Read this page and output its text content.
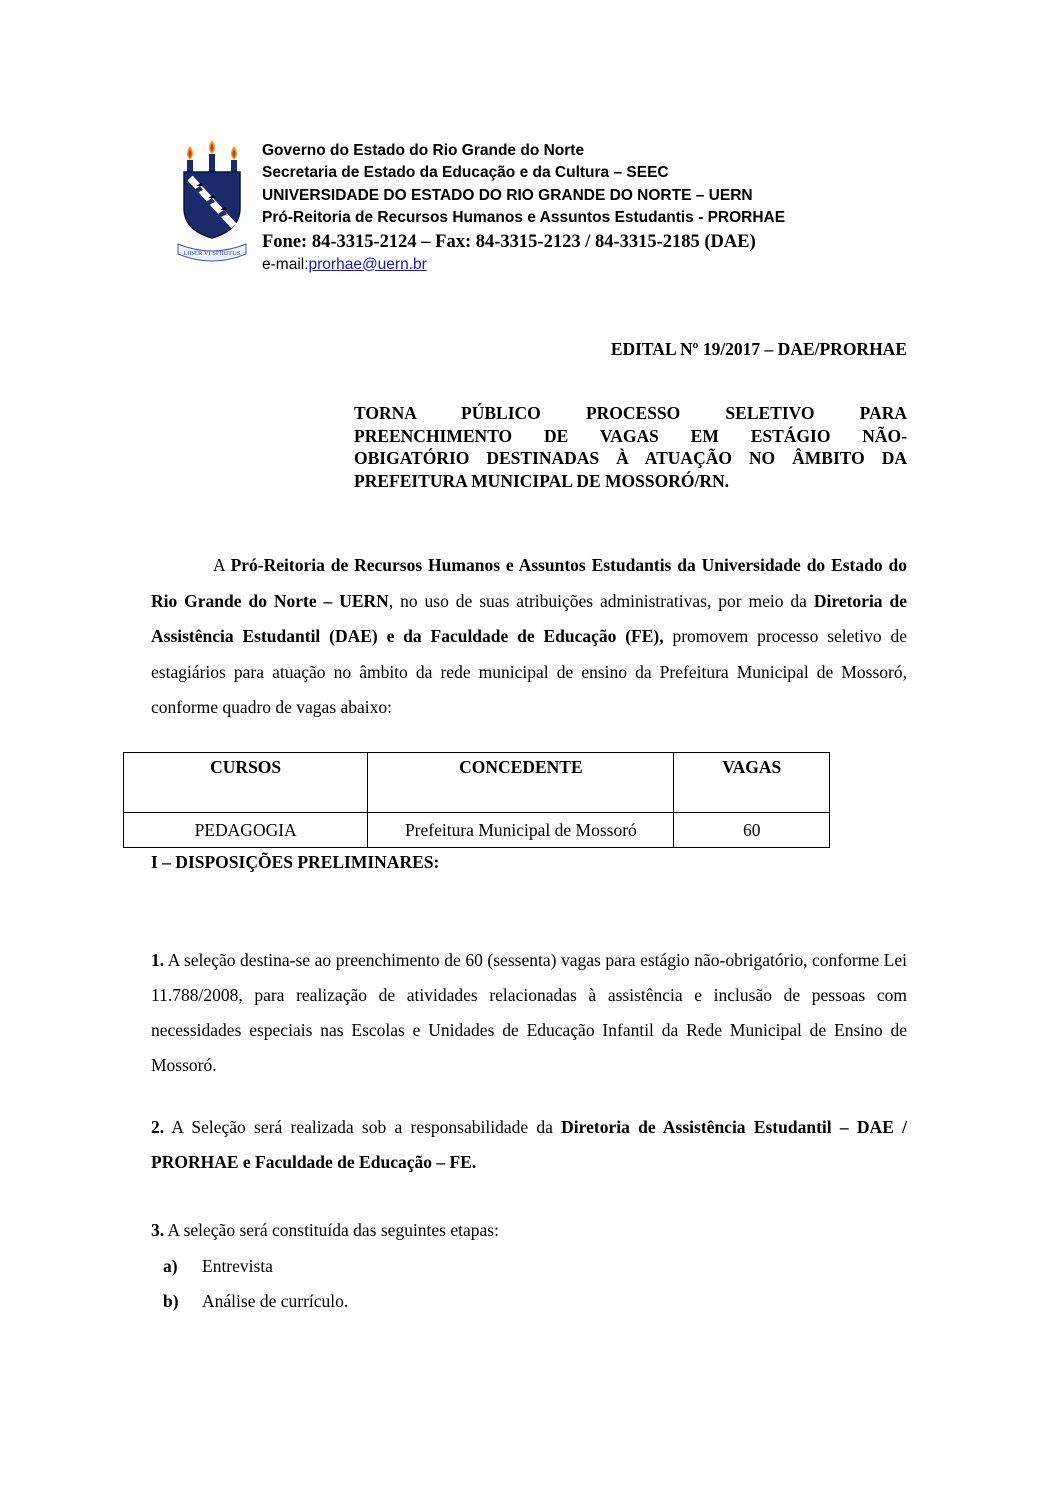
LIBER VI SPIRITUS
Governo do Estado do Rio Grande do Norte
Secretaria de Estado da Educação e da Cultura – SEEC
UNIVERSIDADE DO ESTADO DO RIO GRANDE DO NORTE – UERN
Pró-Reitoria de Recursos Humanos e Assuntos Estudantis - PRORHAE
Fone: 84-3315-2124 – Fax: 84-3315-2123 / 84-3315-2185 (DAE)
e-mail:prorhae@uern.br
EDITAL Nº 19/2017 – DAE/PRORHAE
TORNA PÚBLICO PROCESSO SELETIVO PARA
PREENCHIMENTO DE VAGAS EM ESTÁGIO NÃO-
OBIGATÓRIO DESTINADAS À ATUAÇÃO NO ÂMBITO DA
PREFEITURA MUNICIPAL DE MOSSORÓ/RN.
A Pró-Reitoria de Recursos Humanos e Assuntos Estudantis da Universidade do Estado do Rio Grande do Norte – UERN, no uso de suas atribuições administrativas, por meio da Diretoria de Assistência Estudantil (DAE) e da Faculdade de Educação (FE), promovem processo seletivo de estagiários para atuação no âmbito da rede municipal de ensino da Prefeitura Municipal de Mossoró, conforme quadro de vagas abaixo:
CURSOS	CONCEDENTE	VAGAS
PEDAGOGIA	Prefeitura Municipal de Mossoró	60
I – DISPOSIÇÕES PRELIMINARES:
1. A seleção destina-se ao preenchimento de 60 (sessenta) vagas para estágio não-obrigatório, conforme Lei 11.788/2008, para realização de atividades relacionadas à assistência e inclusão de pessoas com necessidades especiais nas Escolas e Unidades de Educação Infantil da Rede Municipal de Ensino de Mossoró.
2. A Seleção será realizada sob a responsabilidade da Diretoria de Assistência Estudantil – DAE / PRORHAE e Faculdade de Educação – FE.
3. A seleção será constituída das seguintes etapas:
a) Entrevista
b) Análise de currículo.
